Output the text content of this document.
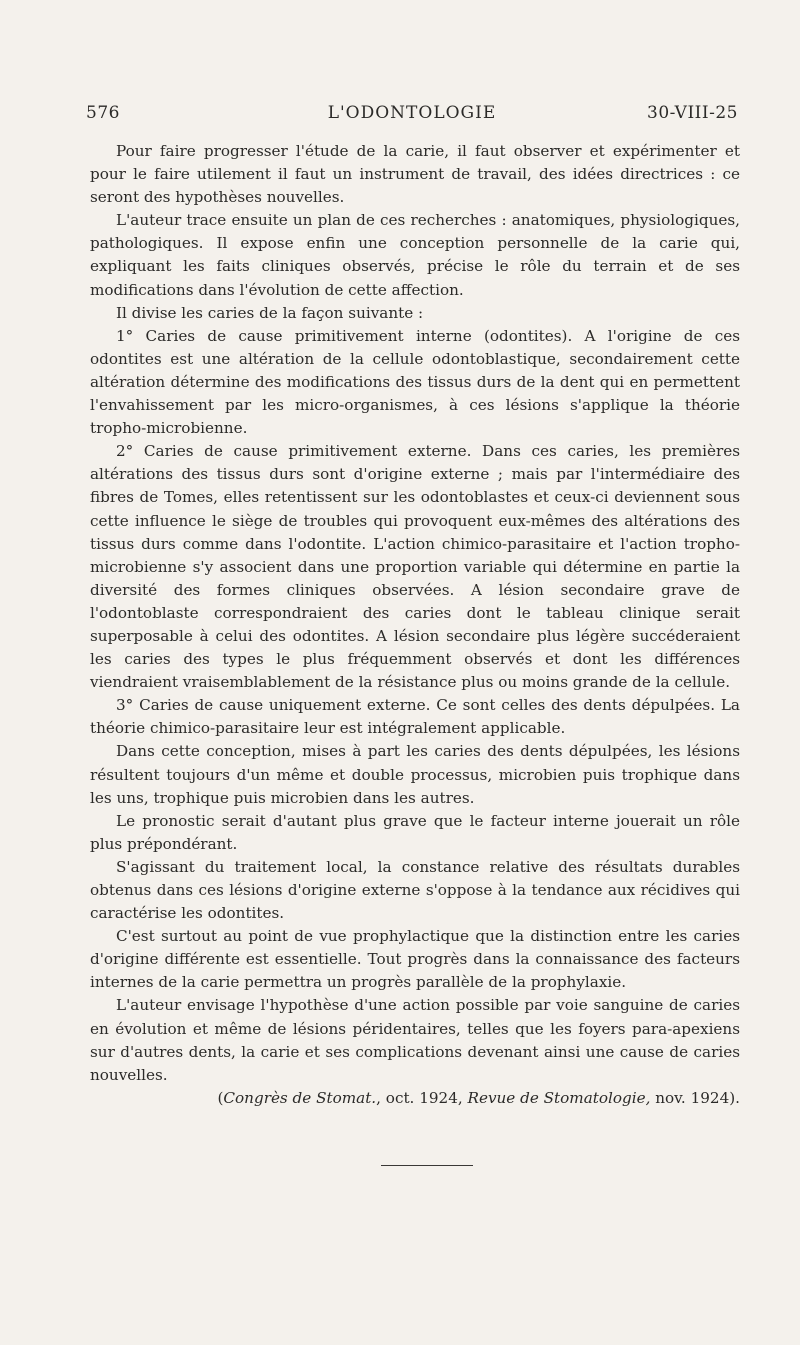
576	L'ODONTOLOGIE	30-VIII-25

Pour faire progresser l'étude de la carie, il faut observer et expérimenter et pour le faire utilement il faut un instrument de travail, des idées directrices : ce seront des hypothèses nouvelles.

L'auteur trace ensuite un plan de ces recherches : anatomiques, physiologiques, pathologiques. Il expose enfin une conception personnelle de la carie qui, expliquant les faits cliniques observés, précise le rôle du terrain et de ses modifications dans l'évolution de cette affection.

Il divise les caries de la façon suivante :

1° Caries de cause primitivement interne (odontites). A l'origine de ces odontites est une altération de la cellule odontoblastique, secondairement cette altération détermine des modifications des tissus durs de la dent qui en permettent l'envahissement par les micro-organismes, à ces lésions s'applique la théorie tropho-microbienne.

2° Caries de cause primitivement externe. Dans ces caries, les premières altérations des tissus durs sont d'origine externe ; mais par l'intermédiaire des fibres de Tomes, elles retentissent sur les odontoblastes et ceux-ci deviennent sous cette influence le siège de troubles qui provoquent eux-mêmes des altérations des tissus durs comme dans l'odontite. L'action chimico-parasitaire et l'action tropho-microbienne s'y associent dans une proportion variable qui détermine en partie la diversité des formes cliniques observées. A lésion secondaire grave de l'odontoblaste correspondraient des caries dont le tableau clinique serait superposable à celui des odontites. A lésion secondaire plus légère succéderaient les caries des types le plus fréquemment observés et dont les différences viendraient vraisemblablement de la résistance plus ou moins grande de la cellule.

3° Caries de cause uniquement externe. Ce sont celles des dents dépulpées. La théorie chimico-parasitaire leur est intégralement applicable.

Dans cette conception, mises à part les caries des dents dépulpées, les lésions résultent toujours d'un même et double processus, microbien puis trophique dans les uns, trophique puis microbien dans les autres.

Le pronostic serait d'autant plus grave que le facteur interne jouerait un rôle plus prépondérant.

S'agissant du traitement local, la constance relative des résultats durables obtenus dans ces lésions d'origine externe s'oppose à la tendance aux récidives qui caractérise les odontites.

C'est surtout au point de vue prophylactique que la distinction entre les caries d'origine différente est essentielle. Tout progrès dans la connaissance des facteurs internes de la carie permettra un progrès parallèle de la prophylaxie.

L'auteur envisage l'hypothèse d'une action possible par voie sanguine de caries en évolution et même de lésions péridentaires, telles que les foyers para-apexiens sur d'autres dents, la carie et ses complications devenant ainsi une cause de caries nouvelles.

(Congrès de Stomat., oct. 1924, Revue de Stomatologie, nov. 1924).
